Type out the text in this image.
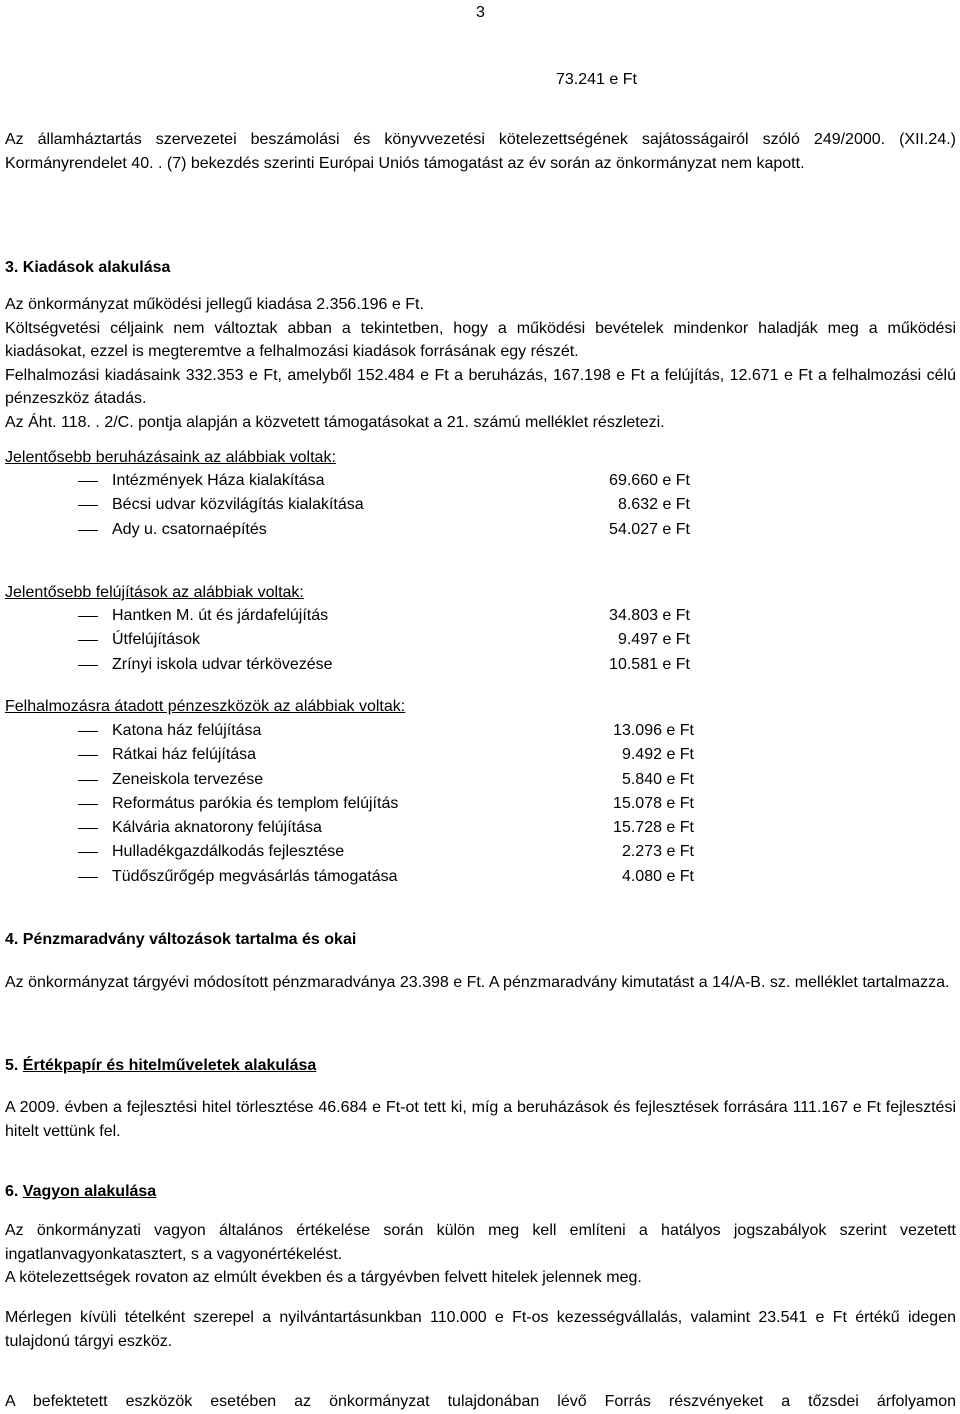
3
73.241 e Ft

Az államháztartás szervezetei beszámolási és könyvvezetési kötelezettségének sajátosságairól szóló 249/2000. (XII.24.) Kormányrendelet 40. . (7) bekezdés szerinti Európai Uniós támogatást az év során az önkormányzat nem kapott.

3. Kiadások alakulása

Az önkormányzat működési jellegű kiadása 2.356.196 e Ft.

Költségvetési céljaink nem változtak abban a tekintetben, hogy a működési bevételek mindenkor haladják meg a működési kiadásokat, ezzel is megteremtve a felhalmozási kiadások forrásának egy részét.

Felhalmozási kiadásaink 332.353 e Ft, amelyből 152.484 e Ft a beruházás, 167.198 e Ft a felújítás, 12.671 e Ft a felhalmozási célú pénzeszköz átadás.

Az Áht. 118. . 2/C. pontja alapján a közvetett támogatásokat a 21. számú melléklet részletezi.

Jelentősebb beruházásaink az alábbiak voltak:
Intézmények Háza kialakítása	69.660 e Ft
Bécsi udvar közvilágítás kialakítása	8.632 e Ft
Ady u. csatornaépítés	54.027 e Ft
Jelentősebb felújítások az alábbiak voltak:
Hantken M. út és járdafelújítás	34.803 e Ft
Útfelújítások	9.497 e Ft
Zrínyi iskola udvar térkövezése	10.581 e Ft
Felhalmozásra átadott pénzeszközök az alábbiak voltak:
Katona ház felújítása	13.096 e Ft
Rátkai ház felújítása	9.492 e Ft
Zeneiskola tervezése	5.840 e Ft
Református parókia és templom felújítás	15.078 e Ft
Kálvária aknatorony felújítása	15.728 e Ft
Hulladékgazdálkodás fejlesztése	2.273 e Ft
Tüdőszűrőgép megvásárlás támogatása	4.080 e Ft
4. Pénzmaradvány változások tartalma és okai

Az önkormányzat tárgyévi módosított pénzmaradványa 23.398 e Ft. A pénzmaradvány kimutatást a 14/A-B. sz. melléklet tartalmazza.

5. Értékpapír és hitelműveletek alakulása

A 2009. évben a fejlesztési hitel törlesztése 46.684 e Ft-ot tett ki, míg a beruházások és fejlesztések forrására 111.167 e Ft fejlesztési hitelt vettünk fel.

6. Vagyon alakulása

Az önkormányzati vagyon általános értékelése során külön meg kell említeni a hatályos jogszabályok szerint vezetett ingatlanvagyonkatasztert, s a vagyonértékelést.

A kötelezettségek rovaton az elmúlt években és a tárgyévben felvett hitelek jelennek meg.

Mérlegen kívüli tételként szerepel a nyilvántartásunkban 110.000 e Ft-os kezességvállalás, valamint 23.541 e Ft értékű idegen tulajdonú tárgyi eszköz.

A befektetett eszközök esetében az önkormányzat tulajdonában lévő Forrás részvényeket a tőzsdei árfolyamon
